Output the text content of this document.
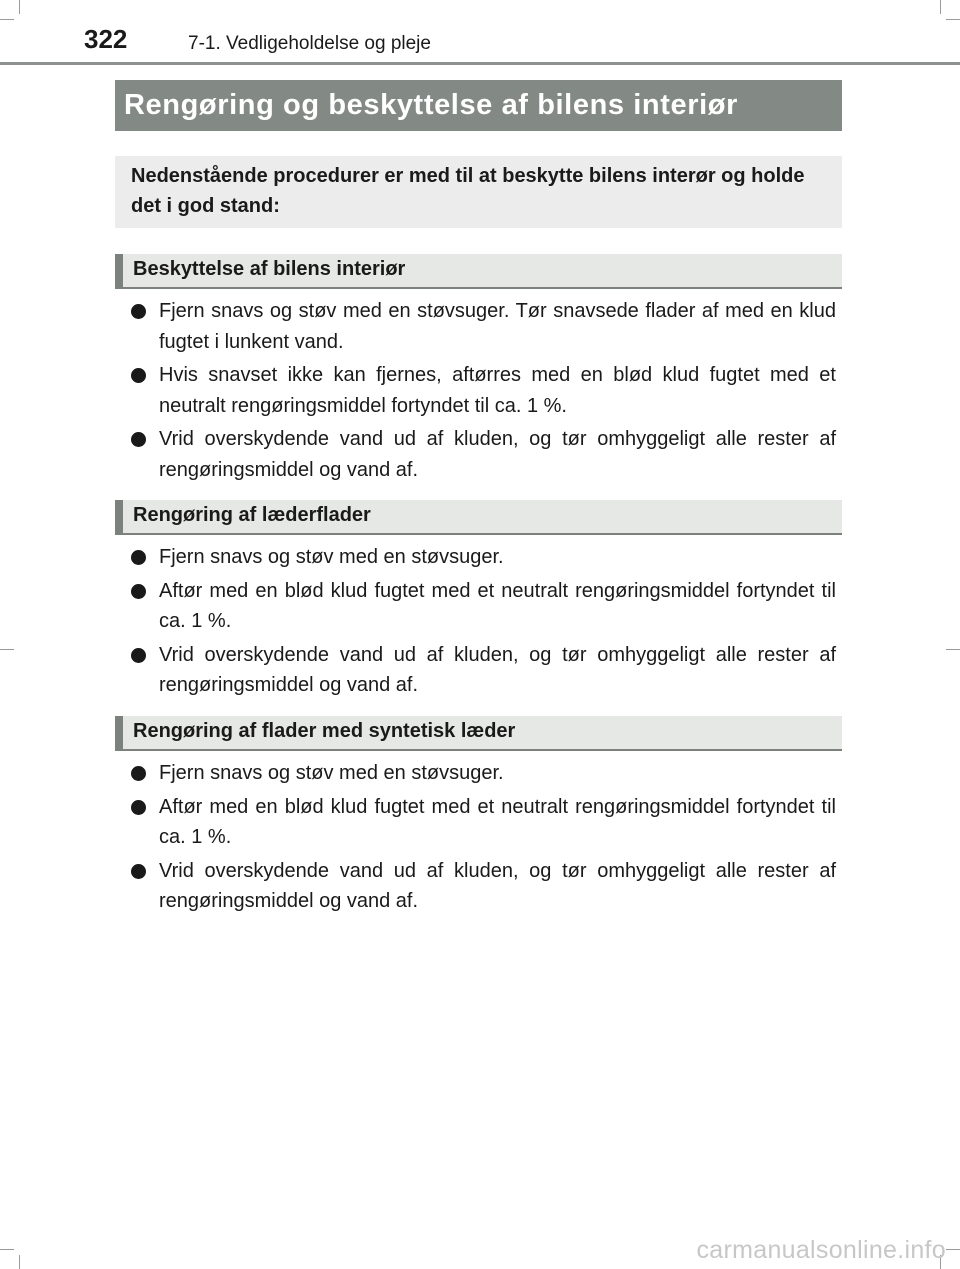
322	7-1. Vedligeholdelse og pleje
Rengøring og beskyttelse af bilens interiør
Nedenstående procedurer er med til at beskytte bilens interør og holde det i god stand:
Beskyttelse af bilens interiør
Fjern snavs og støv med en støvsuger. Tør snavsede flader af med en klud fugtet i lunkent vand.
Hvis snavset ikke kan fjernes, aftørres med en blød klud fugtet med et neutralt rengøringsmiddel fortyndet til ca. 1 %.
Vrid overskydende vand ud af kluden, og tør omhyggeligt alle rester af rengøringsmiddel og vand af.
Rengøring af læderflader
Fjern snavs og støv med en støvsuger.
Aftør med en blød klud fugtet med et neutralt rengøringsmiddel fortyndet til ca. 1 %.
Vrid overskydende vand ud af kluden, og tør omhyggeligt alle rester af rengøringsmiddel og vand af.
Rengøring af flader med syntetisk læder
Fjern snavs og støv med en støvsuger.
Aftør med en blød klud fugtet med et neutralt rengøringsmiddel fortyndet til ca. 1 %.
Vrid overskydende vand ud af kluden, og tør omhyggeligt alle rester af rengøringsmiddel og vand af.
carmanualsonline.info
